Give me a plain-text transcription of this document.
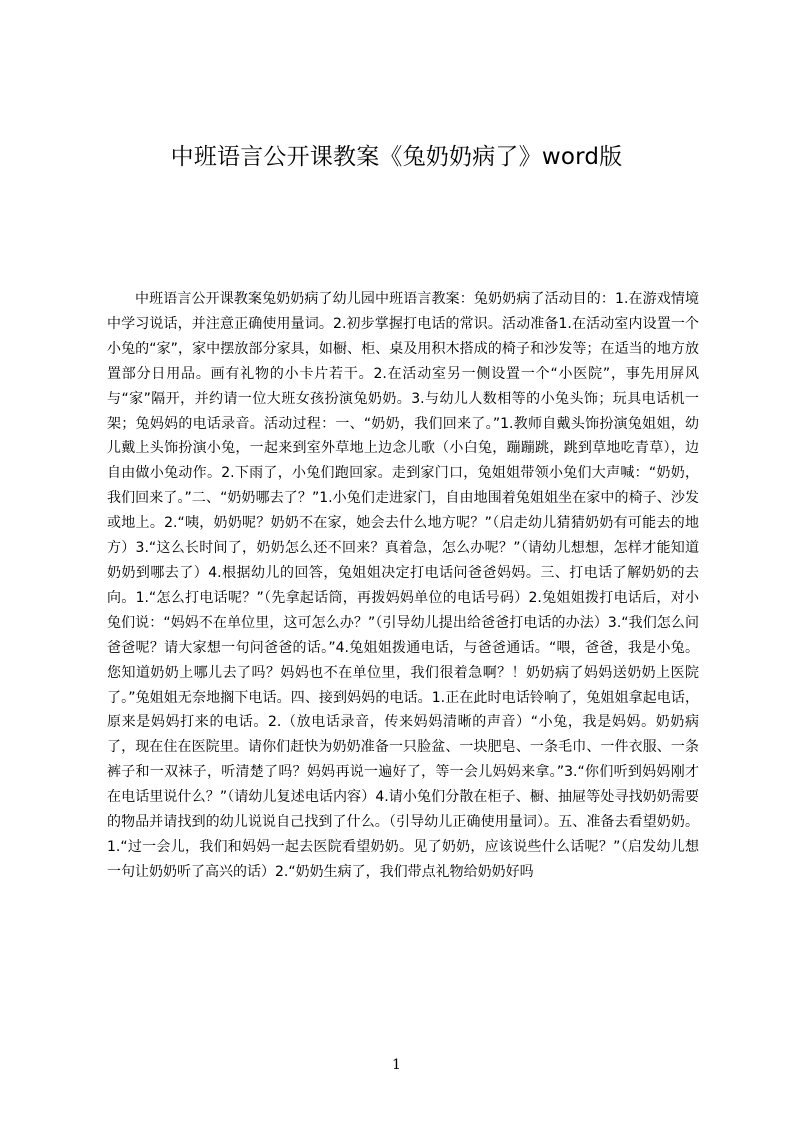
中班语言公开课教案《兔奶奶病了》word版

中班语言公开课教案兔奶奶病了幼儿园中班语言教案：兔奶奶病了活动目的：1.在游戏情境中学习说话，并注意正确使用量词。2.初步掌握打电话的常识。活动准备1.在活动室内设置一个小兔的“家”，家中摆放部分家具，如橱、柜、桌及用积木搭成的椅子和沙发等；在适当的地方放置部分日用品。画有礼物的小卡片若干。2.在活动室另一侧设置一个“小医院”，事先用屏风与“家”隔开，并约请一位大班女孩扮演兔奶奶。3.与幼儿人数相等的小兔头饰；玩具电话机一架；兔妈妈的电话录音。活动过程：一、“奶奶，我们回来了。”1.教师自戴头饰扮演兔姐姐，幼儿戴上头饰扮演小兔，一起来到室外草地上边念儿歌（小白兔，蹦蹦跳，跳到草地吃青草），边自由做小兔动作。2.下雨了，小兔们跑回家。走到家门口，兔姐姐带领小兔们大声喊：“奶奶，我们回来了。”二、“奶奶哪去了？”1.小兔们走进家门，自由地围着兔姐姐坐在家中的椅子、沙发或地上。2.“咦，奶奶呢？奶奶不在家，她会去什么地方呢？”（启走幼儿猜猜奶奶有可能去的地方）3.“这么长时间了，奶奶怎么还不回来？真着急，怎么办呢？”（请幼儿想想，怎样才能知道奶奶到哪去了）4.根据幼儿的回答，兔姐姐决定打电话问爸爸妈妈。三、打电话了解奶奶的去向。1.“怎么打电话呢？”（先拿起话筒，再拨妈妈单位的电话号码）2.兔姐姐拨打电话后，对小兔们说：“妈妈不在单位里，这可怎么办？”（引导幼儿提出给爸爸打电话的办法）3.“我们怎么问爸爸呢？请大家想一句问爸爸的话。”4.兔姐姐拨通电话，与爸爸通话。“喂，爸爸，我是小兔。您知道奶奶上哪儿去了吗？妈妈也不在单位里，我们很着急啊？！奶奶病了妈妈送奶奶上医院了。”兔姐姐无奈地搁下电话。四、接到妈妈的电话。1.正在此时电话铃响了，兔姐姐拿起电话，原来是妈妈打来的电话。2.（放电话录音，传来妈妈清晰的声音）“小兔，我是妈妈。奶奶病了，现在住在医院里。请你们赶快为奶奶准备一只脸盆、一块肥皂、一条毛巾、一件衣服、一条裤子和一双袜子，听清楚了吗？妈妈再说一遍好了，等一会儿妈妈来拿。”3.“你们听到妈妈刚才在电话里说什么？”（请幼儿复述电话内容）4.请小兔们分散在柜子、橱、抽屉等处寻找奶奶需要的物品并请找到的幼儿说说自己找到了什么。（引导幼儿正确使用量词）。五、准备去看望奶奶。1.“过一会儿，我们和妈妈一起去医院看望奶奶。见了奶奶，应该说些什么话呢？”（启发幼儿想一句让奶奶听了高兴的话）2.“奶奶生病了，我们带点礼物给奶奶好吗

1
